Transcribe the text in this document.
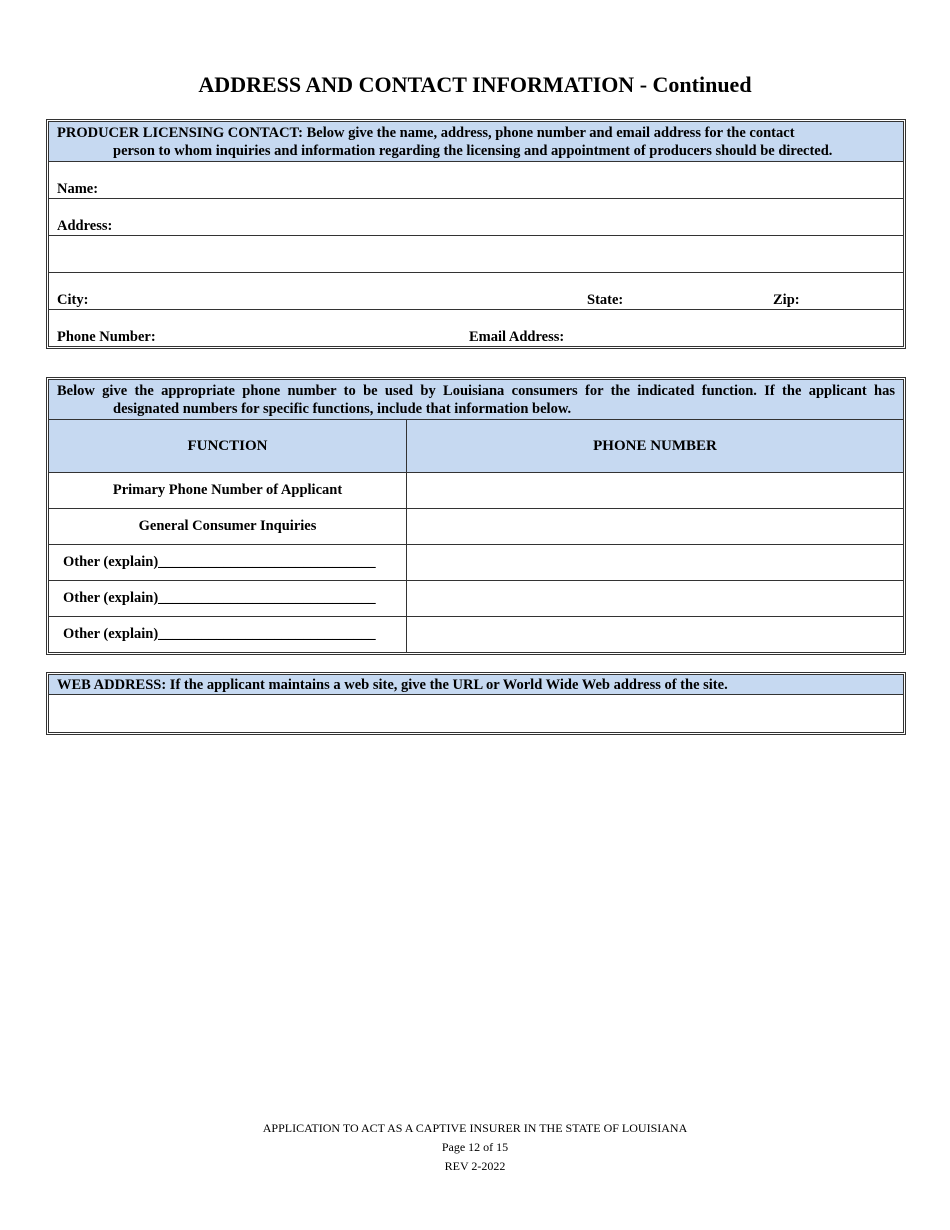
ADDRESS AND CONTACT INFORMATION - Continued
PRODUCER LICENSING CONTACT: Below give the name, address, phone number and email address for the contact
person to whom inquiries and information regarding the licensing and appointment of producers should be directed.
Name:
Address:
City:	State:	Zip:
Phone Number:	Email Address:
Below give the appropriate phone number to be used by Louisiana consumers for the indicated function. If the applicant has
designated numbers for specific functions, include that information below.
FUNCTION	PHONE NUMBER
Primary Phone Number of Applicant	
General Consumer Inquiries	
Other (explain)______________________________	
Other (explain)______________________________	
Other (explain)______________________________	
WEB ADDRESS: If the applicant maintains a web site, give the URL or World Wide Web address of the site.
APPLICATION TO ACT AS A CAPTIVE INSURER IN THE STATE OF LOUISIANA
Page 12 of 15
REV 2-2022
